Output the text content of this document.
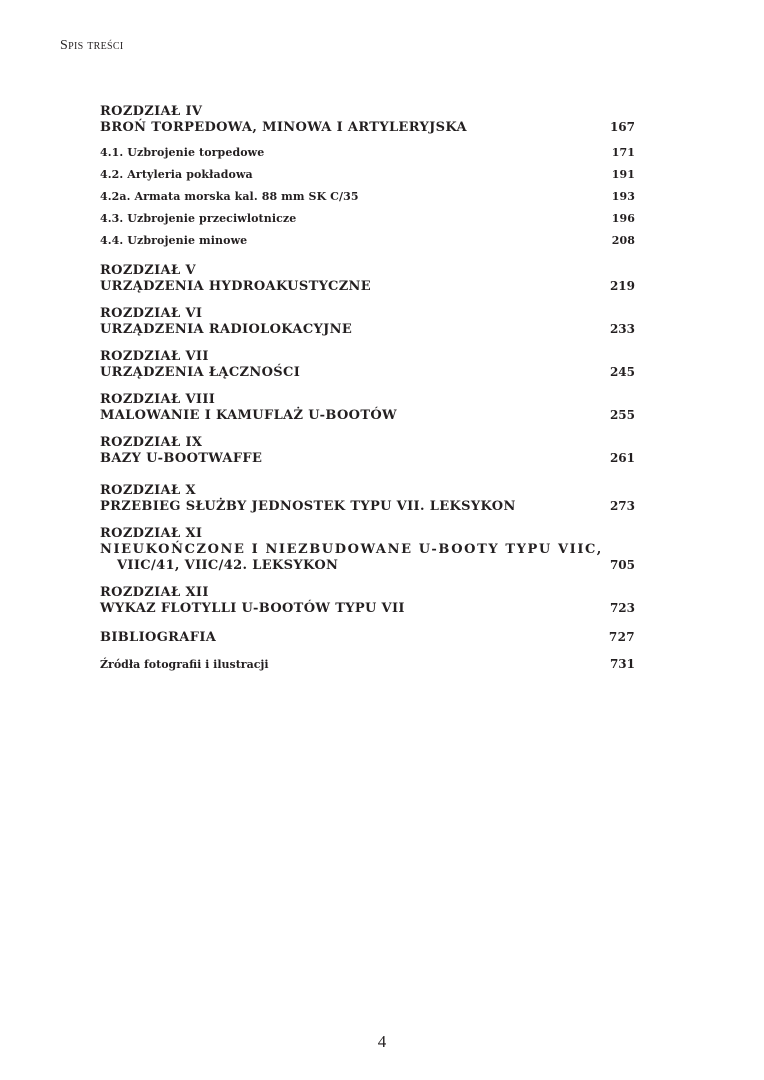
Spis treści
ROZDZIAŁ IV
BROŃ TORPEDOWA, MINOWA I ARTYLERYJSKA	167
4.1. Uzbrojenie torpedowe	171
4.2. Artyleria pokładowa	191
4.2a. Armata morska kal. 88 mm SK C/35	193
4.3. Uzbrojenie przeciwlotnicze	196
4.4. Uzbrojenie minowe	208
ROZDZIAŁ V
URZĄDZENIA HYDROAKUSTYCZNE	219
ROZDZIAŁ VI
URZĄDZENIA RADIOLOKACYJNE	233
ROZDZIAŁ VII
URZĄDZENIA ŁĄCZNOŚCI	245
ROZDZIAŁ VIII
MALOWANIE I KAMUFLAŻ U-BOOTÓW	255
ROZDZIAŁ IX
BAZY U-BOOTWAFFE	261
ROZDZIAŁ X
PRZEBIEG SŁUŻBY JEDNOSTEK TYPU VII. LEKSYKON	273
ROZDZIAŁ XI
NIEUKOŃCZONE I NIEZBUDOWANE U-BOOTY TYPU VIIC,
VIIC/41, VIIC/42. LEKSYKON	705
ROZDZIAŁ XII
WYKAZ FLOTYLLI U-BOOTÓW TYPU VII	723
BIBLIOGRAFIA	727
Źródła fotografii i ilustracji	731
4
